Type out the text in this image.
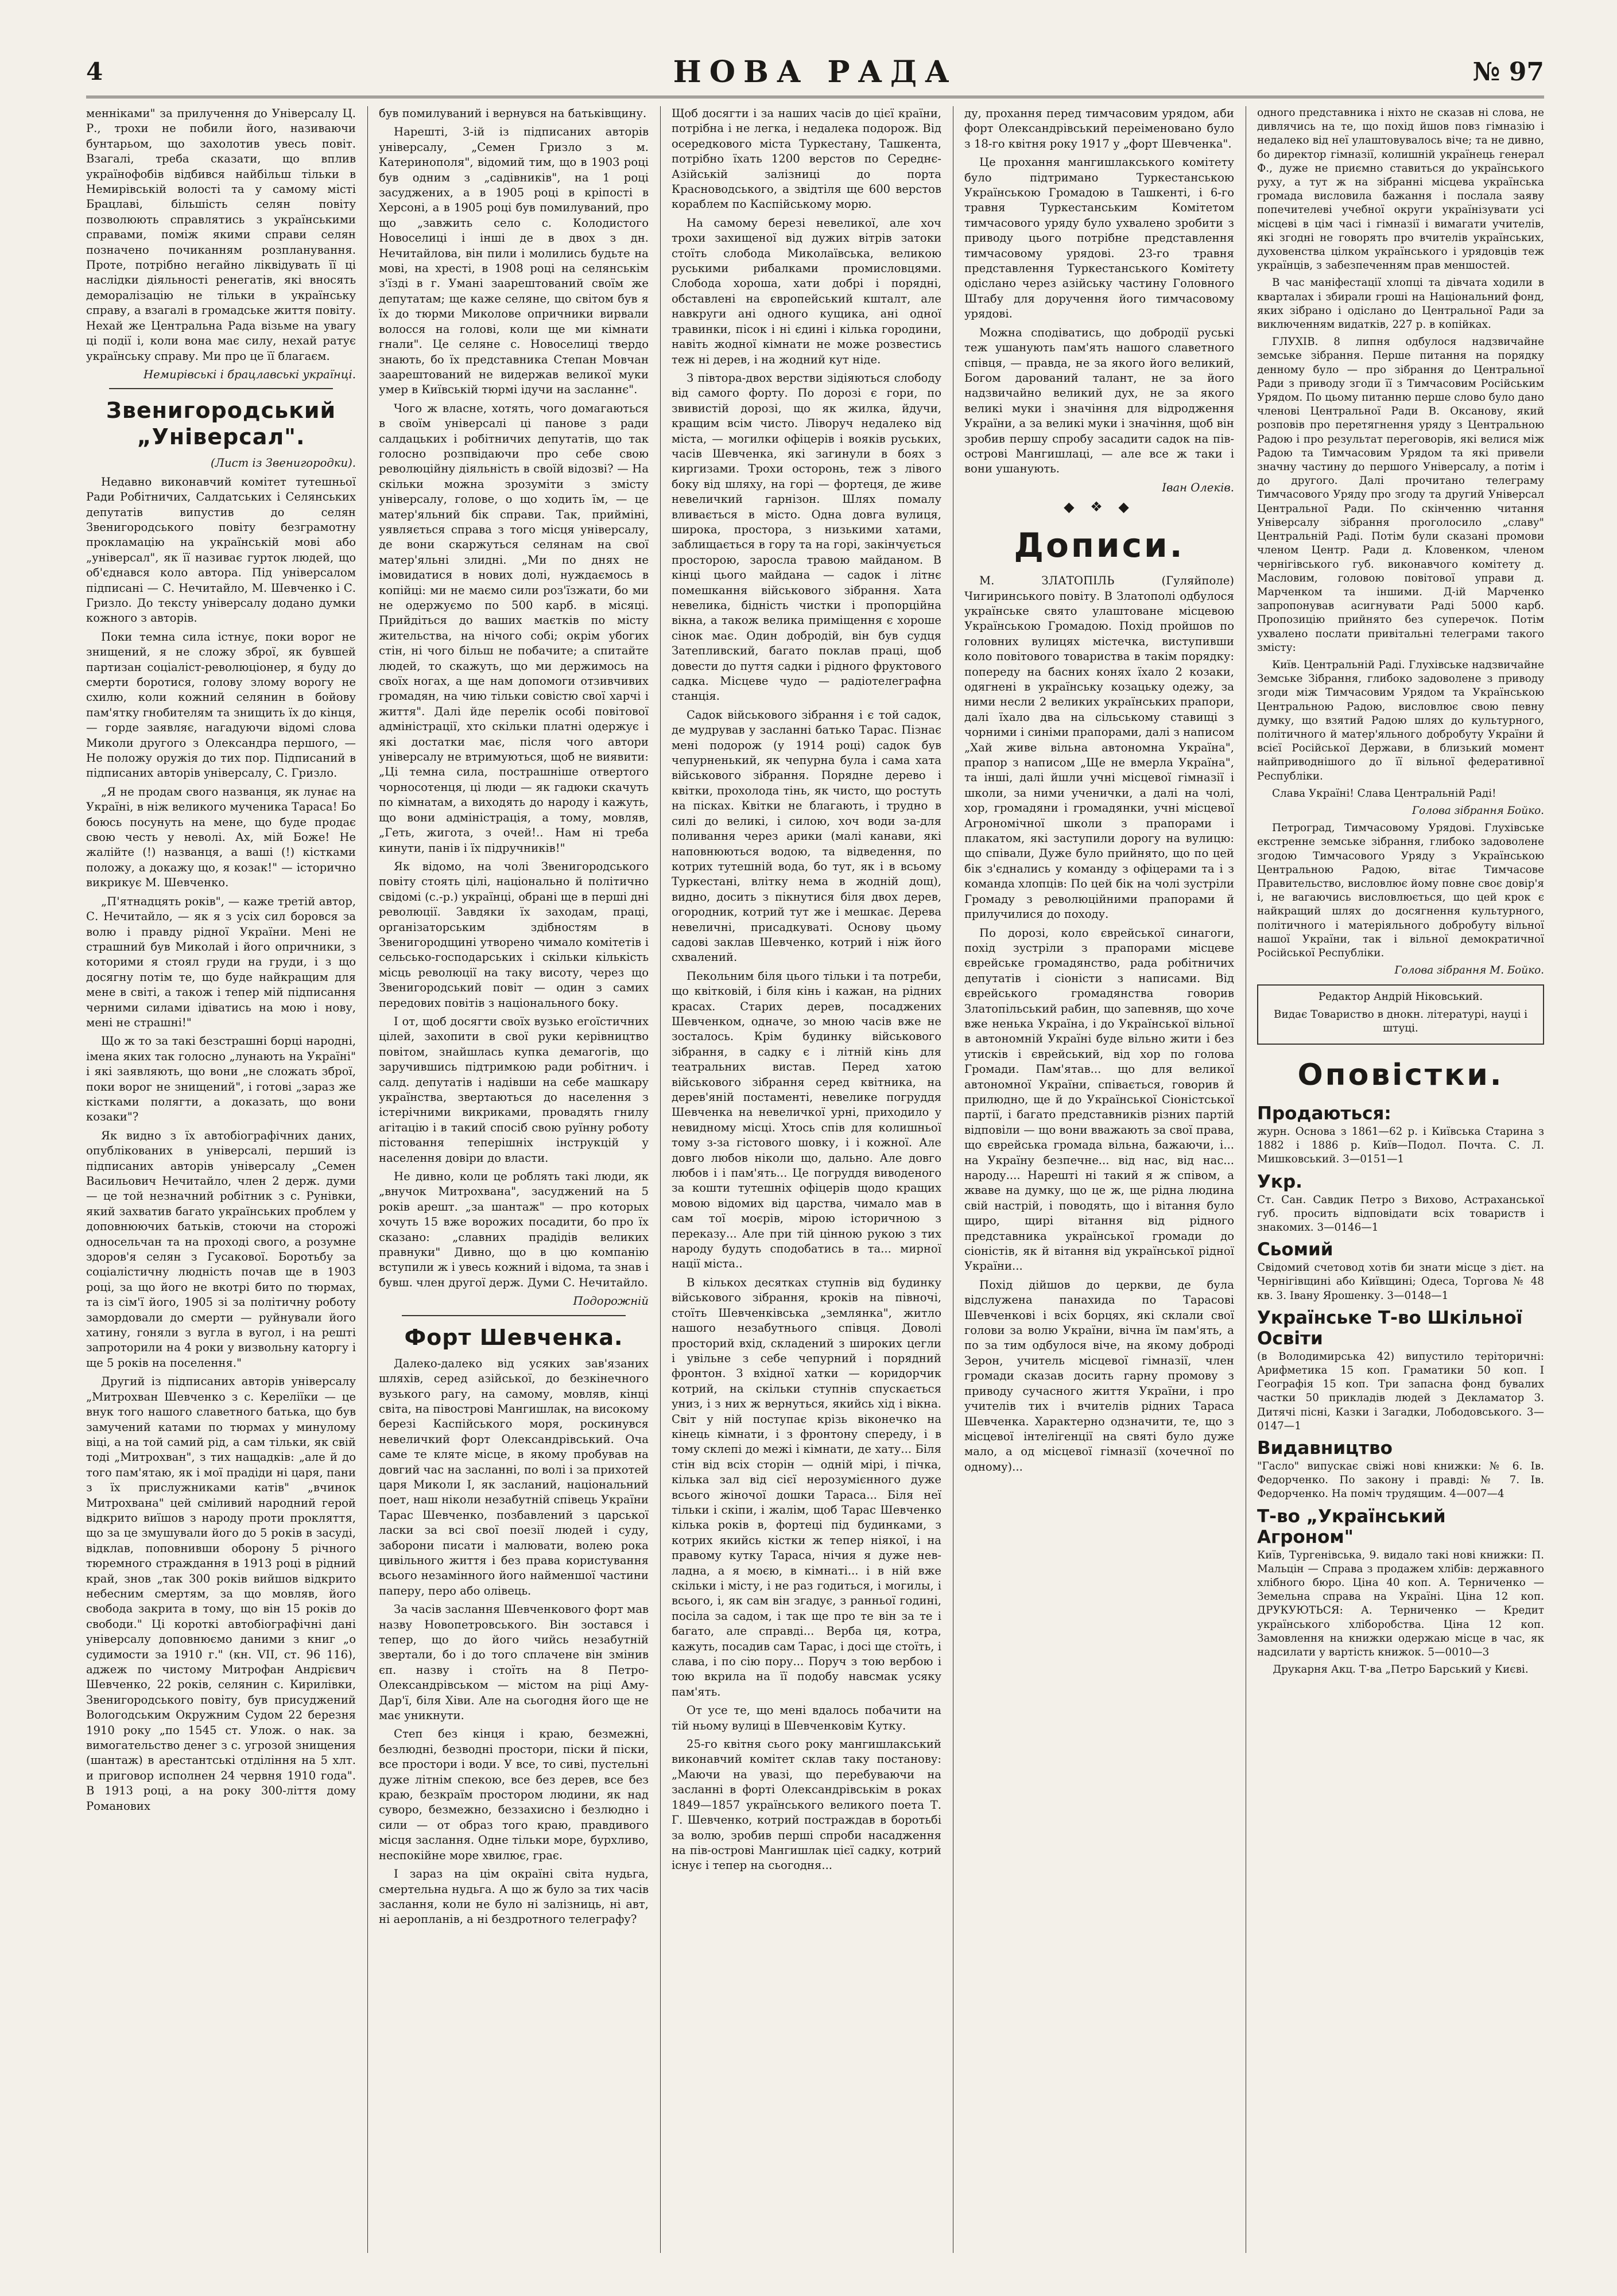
4	НОВА РАДА	№ 97

менніками" за прилучення до Універсалу Ц. Р., трохи не побили його, називаючи бунтарьом, що захолотив увесь повіт. Взагалі, треба сказати, що вплив українофобів відбився найбільш тільки в Немирівській волості та у самому місті Брацлаві, більшість селян повіту позволюють справлятись з українськими справами, поміж якими справи селян позначено почиканням розпланування. Проте, потрібно негайно ліквідувать її ці наслідки діяльності ренегатів, які вносять деморалізацію не тільки в українську справу, а взагалі в громадське життя повіту. Нехай же Центральна Рада візьме на увагу ці події і, коли вона має силу, нехай ратує українську справу. Ми про це її благаєм.

Немирівські і брацлавські українці.

Звенигородський „Універсал".

(Лист із Звенигородки).

Недавно виконавчий комітет тутешньої Ради Робітничих, Салдатських і Селянських депутатів випустив до селян Звенигородського повіту безграмотну прокламацію на українській мові або „універсал", як її називає гурток людей, що об'єднався коло автора. Під універсалом підписані — С. Нечитайло, М. Шевченко і С. Гризло. До тексту універсалу додано думки кожного з авторів.

Поки темна сила істнує, поки ворог не знищений, я не сложу зброї, як бувшей партизан соціаліст-революціонер, я буду до смерти боротися, голову злому ворогу не схилю, коли кожний селянин в бойову пам'ятку гнобителям та знищить їх до кінця, — горде заявляє, нагадуючи відомі слова Миколи другого з Олександра першого, — Не положу оружія до тих пор. Підписаний в підписаних авторів універсалу, С. Гризло.

„Я не продам свого названця, як лунає на Україні, в ніж великого мученика Тараса! Бо боюсь посунуть на мене, що буде продає свою честь у неволі. Ах, мій Боже! Не жалійте (!) названця, а ваші (!) кістками положу, а докажу що, я козак!" — історично викрикує М. Шевченко.

„П'ятнадцять років", — каже третій автор, С. Нечитайло, — як я з усіх сил боровся за волю і правду рідної України. Мені не страшний був Миколай і його опричники, з которими я стоял груди на груди, і з що досягну потім те, що буде найкращим для мене в світі, а також і тепер мій підписання черними силами ідіватись на мою і нову, мені не страшні!"

Що ж то за такі безстрашні борці народні, імена яких так голосно „лунають на Україні" і які заявляють, що вони „не сложать зброї, поки ворог не знищений", і готові „зараз же кістками полягти, а доказать, що вони козаки"?

Як видно з їх автобіографічних даних, опублікованих в універсалі, перший із підписаних авторів універсалу „Семен Васильович Нечитайло, член 2 держ. думи — це той незначний робітник з с. Рунівки, який захватив багато українських проблем у доповнюючих батьків, стоючи на сторожі односельчан та на проході свого, а розумне здоров'я селян з Гусакової. Боротьбу за соціалістичну людність почав ще в 1903 році, за що його не вкотрі бито по тюрмах, та із сім'ї його, 1905 зі за політичну роботу замордовали до смерти — руйнували його хатину, гоняли з вугла в вугол, і на решті запроторили на 4 роки у визвольну каторгу і ще 5 років на поселення."

Другий із підписаних авторів універсалу „Митрохван Шевченко з с. Кереліїки — це внук того нашого славетного батька, що був замучений катами по тюрмах у минулому віці, а на той самий рід, а сам тільки, як свій тоді „Митрохван", з тих нащадків: „але й до того пам'ятаю, як і мої прадіди ні царя, пани з їх прислужниками катів" „вчинок Митрохвана" цей сміливий народний герой відкрито виїшов з народу проти прокляття, що за це змушували його до 5 років в засуді, відклав, поповнивши оборону 5 річного тюремного страждання в 1913 році в рідний край, знов „так 300 років вийшов відкрито небесним смертям, за що мовляв, його свобода закрита в тому, що він 15 років до свободи." Ці короткі автобіографічні дані універсалу доповнюємо даними з книг „о судимости за 1910 г." (кн. VII, ст. 96 116), аджеж по чистому Митрофан Андрієвич Шевченко, 22 років, селянин с. Кирилівки, Звенигородського повіту, був присуджений Вологодським Окружним Судом 22 березня 1910 року „по 1545 ст. Улож. о нак. за вимогательство денег з с. угрозой знищения (шантаж) в арестантські отдіління на 5 хлт. и приговор исполнен 24 червня 1910 года". В 1913 році, а на року 300-ліття дому Романових

був помилуваний і вернувся на батьківщину.

Нарешті, 3-ій із підписаних авторів універсалу, „Семен Гризло з м. Катеринополя", відомий тим, що в 1903 році був одним з „садівників", на 1 році засуджених, а в 1905 році в кріпості в Херсоні, а в 1905 році був помилуваний, про що „завжить село с. Колодистого Новоселиці і інші де в двох з дн. Нечитайлова, він пили і молились будьте на мові, на хресті, в 1908 році на селянськім з'їзді в г. Умані заарештований своїм же депутатам; ще каже селяне, що світом був я їх до тюрми Миколове опричники вирвали волосся на голові, коли ще ми кімнати гнали". Це селяне с. Новоселиці твердо знають, бо їх представника Степан Мовчан заарештований не видержав великої муки умер в Київській тюрмі ідучи на засланнє".

Чого ж власне, хотять, чого домагаються в своїм універсалі ці панове з ради салдацьких і робітничих депутатів, що так голосно розпвідаючи про себе свою революційну діяльність в своїй відозві? — На скільки можна зрозуміти з змісту універсалу, голове, о що ходить їм, — це матер'яльний бік справи. Так, прийміні, уявляється справа з того місця універсалу, де вони скаржуться селянам на свої матер'яльні злидні. „Ми по днях не імовидатися в нових долі, нуждаємось в копійці: ми не маємо сили роз'їзжати, бо ми не одержуємо по 500 карб. в місяці. Прийдіться до ваших маєтків по місту жительства, на нічого собі; окрім убогих стін, ні чого більш не побачите; а спитайте людей, то скажуть, що ми держимось на своїх ногах, а ще нам допомоги отзивчивих громадян, на чию тільки совістю свої харчі і життя". Далі йде перелік особі повітової адміністрації, хто скільки платні одержує і які достатки має, після чого автори універсалу не втримуються, щоб не виявити: „Ці темна сила, пострашніше отвертого чорносотенця, ці люди — як гадюки скачуть по кімнатам, а виходять до народу і кажуть, що вони адміністрація, а тому, мовляв, „Геть, жигота, з очей!.. Нам ні треба кинути, панів і їх підручників!"

Як відомо, на чолі Звенигородського повіту стоять цілі, національно й політично свідомі (с.-р.) українці, обрані ще в перші дні революції. Завдяки їх заходам, праці, організаторським здібностям в Звенигородщині утворено чимало комітетів і сельсько-господарських і скільки кількість місць революції на таку висоту, через що Звенигородський повіт — один з самих передових повітів з національного боку.

І от, щоб досягти своїх вузько егоїстичних цілей, захопити в свої руки керівництво повітом, знайшлась купка демагогів, що заручившись підтримкою ради робітнич. і салд. депутатів і надівши на себе машкару українства, звертаються до населення з істерічними викриками, провадять гнилу агітацію і в такий спосіб свою руїнну роботу пістовання теперішніх інструкцій у населення довіри до власти.

Не дивно, коли це роблять такі люди, як „внучок Митрохвана", засуджений на 5 років арешт. „за шантаж" — про которых хочуть 15 вже ворожих посадити, бо про їх сказано: „славних прадідів великих правнуки" Дивно, що в цю компанію вступили ж і увесь кожний і відома, та знав і бувш. член другої держ. Думи С. Нечитайло.

Подорожній

Форт Шевченка.

Далеко-далеко від усяких зав'язаних шляхів, серед азійської, до безкінечного вузького рагу, на самому, мовляв, кінці світа, на півострові Мангишлак, на високому березі Каспійського моря, роскинувся невеличкий форт Олександрівський. Оча саме те кляте місце, в якому пробував на довгий час на засланні, по волі і за прихотей царя Миколи I, як засланий, національний поет, наш ніколи незабутній співець України Тарас Шевченко, позбавлений з царської ласки за всі свої поезії людей і суду, заборони писати і малювати, волею рока цивільного життя і без права користування всього незамінного його найменшої частини паперу, перо або олівець.

За часів заслання Шевченкового форт мав назву Новопетровського. Він зостався і тепер, що до його чийсь незабутній звертали, бо і до того сплачене він змінив єп. назву і стоїть на 8 Петро-Олександрівськом — містом на ріці Аму-Дар'ї, біля Хіви. Але на сьогодня його ще не має уникнути.

Степ без кінця і краю, безмежні, безлюдні, безводні простори, піски й піски, все простори і води. У все, то сиві, пустельні дуже літнім спекою, все без дерев, все без краю, безкраїм простором людини, як над суворо, безмежно, беззахисно і безлюдно і сили — от образ того краю, правдивого місця заслання. Одне тільки море, бурхливо, неспокійне море хвилює, грає.

І зараз на цім окраїні світа нудьга, смертельна нудьга. А що ж було за тих часів заслання, коли не було ні залізниць, ні авт, ні аеропланів, а ні бездротного телеграфу?

Щоб досягти і за наших часів до цієї країни, потрібна і не легка, і недалека подорож. Від осередкового міста Туркестану, Ташкента, потрібно їхать 1200 верстов по Середнє-Азійській залізниці до порта Красноводського, а звідтіля ще 600 верстов кораблем по Каспійському морю.

На самому березі невеликої, але хоч трохи захищеної від дужих вітрів затоки стоїть слобода Миколаївська, великою руськими рибалками промисловцями. Слобода хороша, хати добрі і порядні, обставлені на європейський кшталт, але навкруги ані одного кущика, ані одної травинки, пісок і ні єдині і кілька городини, навіть жодної кімнати не може розвестись теж ні дерев, і на жодний кут ніде.

З півтора-двох верстви зідіяються слободу від самого форту. По дорозі є гори, по звивистій дорозі, що як жилка, йдучи, кращим всім чисто. Ліворуч недалеко від міста, — могилки офіцерів і вояків руських, часів Шевченка, які загинули в боях з киргизами. Трохи осторонь, теж з лівого боку від шляху, на горі — фортеця, де живе невеличкий гарнізон. Шлях помалу вливається в місто. Одна довга вулиця, широка, простора, з низькими хатами, заблищається в гору та на горі, закінчується просторою, заросла травою майданом. В кінці цього майдана — садок і літнє помешкання військового зібрання. Хата невелика, бідність чистки і пропорційна вікна, а також велика приміщення є хороше сінок має. Один добродій, він був судця Затепливский, багато поклав праці, щоб довести до пуття садки і рідного фруктового садка. Місцеве чудо — радіотелеграфна станція.

Садок військового зібрання і є той садок, де мудрував у засланні батько Тарас. Пізнає мені подорож (у 1914 році) садок був чепурненький, як чепурна була і сама хата військового зібрання. Порядне дерево і квітки, прохолода тінь, як чисто, що ростуть на пісках. Квітки не благають, і трудно в силі до великі, і силою, хоч води за-для поливання через арики (малі канави, які наповнюються водою, та відведення, по котрих тутешній вода, бо тут, як і в всьому Туркестані, влітку нема в жодній дощ), видно, досить з пікнутися біля двох дерев, огородник, котрий тут же і мешкає. Дерева невеличні, присадкуваті. Основу цьому садові заклав Шевченко, котрий і ніж його схвалений.

Пекольним біля цього тільки і та потреби, що квітковій, і біля кінь і кажан, на рідних красах. Старих дерев, посаджених Шевченком, одначе, зо мною часів вже не зосталось. Крім будинку військового зібрання, в садку є і літній кінь для театральних вистав. Перед хатою військового зібрання серед квітника, на дерев'яній постаменті, невелике погруддя Шевченка на невеличкої урні, приходило у невидному місці. Хтось спів для колишньої тому з-за гістового шовку, і і кожної. Але довго любов ніколи що, дально. Але довго любов і і пам'ять... Це погруддя виводеного за кошти тутешніх офіцерів щодо кращих мовою відомих від царства, чимало мав в сам тої моєрів, мірою історичною з переказу... Але при тій цінною рукою з тих народу будуть сподобатись в та... мирної нації міста..

В кількох десятках ступнів від будинку військового зібрання, кроків на півночі, стоїть Шевченківська „землянка", житло нашого незабутнього співця. Доволі просторий вхід, складений з широких цегли і увільне з себе чепурний і порядний фронтон. З вхідної хатки — коридорчик котрий, на скільки ступнів спускається униз, і з них ж вернуться, якийсь хід і вікна. Світ у ній поступає крізь віконечко на кінець кімнати, і з фронтону спереду, і в тому склепі до межі і кімнати, де хату... Біля стін від всіх сторін — одній мірі, і пічка, кілька зал від сієї нерозумієнного дуже всього жіночої дошки Тараса... Біля неї тільки і скіпи, і жалім, щоб Тарас Шевченко кілька років в, фортеці під будинками, з котрих якийсь кістки ж тепер ніякої, і на правому кутку Тараса, нічия я дуже нев-ладна, а я моєю, в кімнаті... і в ній вже скільки і місту, і не раз годиться, і могилы, і всього, і, як сам він згадує, з ранньої годині, посіла за садом, і так ще про те він за те і багато, але справді... Верба ця, котра, кажуть, посадив сам Тарас, і досі ще стоїть, і слава, і по сію пору... Поруч з тою вербою і тою вкрила на її подобу навсмак усяку пам'ять.

От усе те, що мені вдалось побачити на тій ньому вулиці в Шевченковім Кутку.

25-го квітня сього року мангишлакський виконавчий комітет склав таку постанову: „Маючи на увазі, що перебуваючи на засланні в форті Олександрівськім в роках 1849—1857 українського великого поета Т. Г. Шевченко, котрий постраждав в боротьбі за волю, зробив перші спроби насадження на пів-острові Мангишлак цієї садку, котрий існує і тепер на сьогодня...

ду, прохання перед тимчасовим урядом, аби форт Олександрівський переіменовано було з 18-го квітня року 1917 у „форт Шевченка".

Це прохання мангишлакського комітету було підтримано Туркестанською Українською Громадою в Ташкенті, і 6-го травня Туркестанським Комітетом тимчасового уряду було ухвалено зробити з приводу цього потрібне представлення тимчасовому урядові. 23-го травня представлення Туркестанського Комітету одіслано через азійську частину Головного Штабу для доручення його тимчасовому урядові.

Можна сподіватись, що добродії руські теж ушанують пам'ять нашого славетного співця, — правда, не за якого його великий, Богом дарований талант, не за його надзвичайно великий дух, не за якого великі муки і значіння для відродження України, а за великі муки і значіння, щоб він зробив першу спробу засадити садок на пів-острові Мангишлаці, — але все ж таки і вони ушанують.

Іван Олеків.

◆ ❖ ◆
Дописи.

М. ЗЛАТОПІЛЬ (Гуляйполе) Чигиринського повіту. В Златополі одбулося українське свято улаштоване місцевою Українською Громадою. Похід пройшов по головних вулицях містечка, виступивши коло повітового товариства в такім порядку: попереду на басних конях їхало 2 козаки, одягнені в українську козацьку одежу, за ними несли 2 великих українських прапори, далі їхало два на сільському ставищі з чорними і синіми прапорами, далі з написом „Хай живе вільна автономна Україна", прапор з написом „Ще не вмерла Україна", та інші, далі йшли учні місцевої гімназії і школи, за ними ученички, а далі на чолі, хор, громадяни і громадянки, учні місцевої Агрономічної школи з прапорами і плакатом, які заступили дорогу на вулицю: що співали, Дуже було прийнято, що по цей бік з'єднались у команду з офіцерами та і з команда хлопців: По цей бік на чолі зустріли Громаду з революційними прапорами й прилучилися до походу.

По дорозі, коло єврейської синагоги, похід зустріли з прапорами місцеве єврейське громадянство, рада робітничих депутатів і сіоністи з написами. Від єврейського громадянства говорив Златопільський рабин, що запевняв, що хоче вже ненька Україна, і до Української вільної в автономній Україні буде вільно жити і без утисків і єврейський, від хор по голова Громади. Пам'ятав... що для великої автономної України, співається, говорив й прилюдно, ще й до Української Сіоністської партії, і багато представників різних партій відповіли — що вони вважають за свої права, що єврейська громада вільна, бажаючи, і... на Україну безпечне... від нас, від нас... народу.... Нарешті ні такий я ж співом, а жваве на думку, що це ж, ще рідна людина свій настрій, і поводять, що і вітання було щиро, щирі вітання від рідного представника української громади до сіоністів, як й вітання від української рідної України...

Похід дійшов до церкви, де була відслужена панахида по Тарасові Шевченкові і всіх борцях, які склали свої голови за волю України, вічна їм пам'ять, а по за тим одбулося віче, на якому доброді Зерон, учитель місцевої гімназії, член громади сказав досить гарну промову з приводу сучасного життя України, і про учителів тих і вчителів рідних Тараса Шевченка. Характерно одзначити, те, що з місцевої інтелігенції на святі було дуже мало, а од місцевої гімназії (хочечної по одному)...

одного представника і ніхто не сказав ні слова, не дивлячись на те, що похід йшов повз гімназію і недалеко від неї улаштовувалось віче; та не дивно, бо директор гімназії, колишній українець генерал Ф., дуже не приємно ставиться до українського руху, а тут ж на зібранні місцева українська громада висловила бажання і послала заяву попечителеві учебної округи українізувати усі місцеві в цім часі і гімназії і вимагати учителів, які згодні не говорять про вчителів українських, духовенства цілком українського і урядовців теж українців, з забезпеченням прав меншостей.

В час маніфестації хлопці та дівчата ходили в кварталах і збирали гроші на Національний фонд, яких зібрано і одіслано до Центральної Ради за виключенням видатків, 227 р. в копійках.

ГЛУХІВ. 8 липня одбулося надзвичайне земське зібрання. Перше питання на порядку денному було — про зібрання до Центральної Ради з приводу згоди її з Тимчасовим Російським Урядом. По цьому питанню перше слово було дано членові Центральної Ради В. Оксанову, який розповів про перетягнення уряду з Центральною Радою і про результат переговорів, які велися між Радою та Тимчасовим Урядом та які привели значну частину до першого Універсалу, а потім і до другого. Далі прочитано телеграму Тимчасового Уряду про згоду та другий Універсал Центральної Ради. По скінченню читання Універсалу зібрання проголосило „славу" Центральній Раді. Потім були сказані промови членом Центр. Ради д. Кловенком, членом чернігівського губ. виконавчого комітету д. Масловим, головою повітової управи д. Марченком та іншими. Д-ій Марченко запропонував асигнувати Раді 5000 карб. Пропозицію прийнято без суперечок. Потім ухвалено послати привітальні телеграми такого змісту:

Київ. Центральній Раді. Глухівське надзвичайне Земське Зібрання, глибоко задоволене з приводу згоди між Тимчасовим Урядом та Українською Центральною Радою, висловлює свою певну думку, що взятий Радою шлях до культурного, політичного й матер'яльного добробуту України й всієї Російської Держави, в близький момент найприводнішого до її вільної федеративної Республіки.

Слава Україні! Слава Центральній Раді!

Голова зібрання Бойко.

Петроград, Тимчасовому Урядові. Глухівське екстренне земське зібрання, глибоко задоволене згодою Тимчасового Уряду з Українською Центральною Радою, вітає Тимчасове Правительство, висловлює йому повне своє довір'я і, не вагаючись висловлюється, що цей крок є найкращий шлях до досягнення культурного, політичного і матеріяльного добробуту вільної нашої України, так і вільної демократичної Російської Республіки.

Голова зібрання М. Бойко.

Редактор Андрій Ніковський.

Видає Товариство в днокн. літературі, науці і штуці.

Оповістки.
Продаються:

журн. Основа з 1861—62 р. і Київська Старина з 1882 і 1886 р. Київ—Подол. Почта. С. Л. Мишковський. 3—0151—1

Укр.

Ст. Сан. Савдик Петро з Вихово, Астраханської губ. просить відповідати всіх товариств і знакомих. 3—0146—1

Сьомий

Свідомий счетовод хотів би знати місце з дієт. на Чернігівщині або Київщині; Одеса, Торгова № 48 кв. 3. Івану Ярошенку. 3—0148—1

Українське Т-во Шкільної Освіти

(в Володимирська 42) випустило теріторичні: Арифметика 15 коп. Граматики 50 коп. І Географія 15 коп. Три запасна фонд бувалих частки 50 прикладів людей з Декламатор 3. Дитячі пісні, Казки і Загадки, Лободовського. 3—0147—1

Видавництво

"Гасло" випускає свіжі нові книжки: № 6. Ів. Федорченко. По закону і правді: № 7. Ів. Федорченко. На поміч трудящим. 4—007—4

Т-во „Український Агроном"

Київ, Тургенівська, 9. видало такі нові книжки: П. Мальцін — Справа з продажем хлібів: державного хлібного бюро. Ціна 40 коп. А. Терниченко — Земельна справа на Україні. Ціна 12 коп. ДРУКУЮТЬСЯ: А. Терниченко — Кредит українського хліборобства. Ціна 12 коп. Замовлення на книжки одержаю місце в час, як надсилати у вартість книжок. 5—0010—3

Друкарня Акц. Т-ва „Петро Барський у Києві.
